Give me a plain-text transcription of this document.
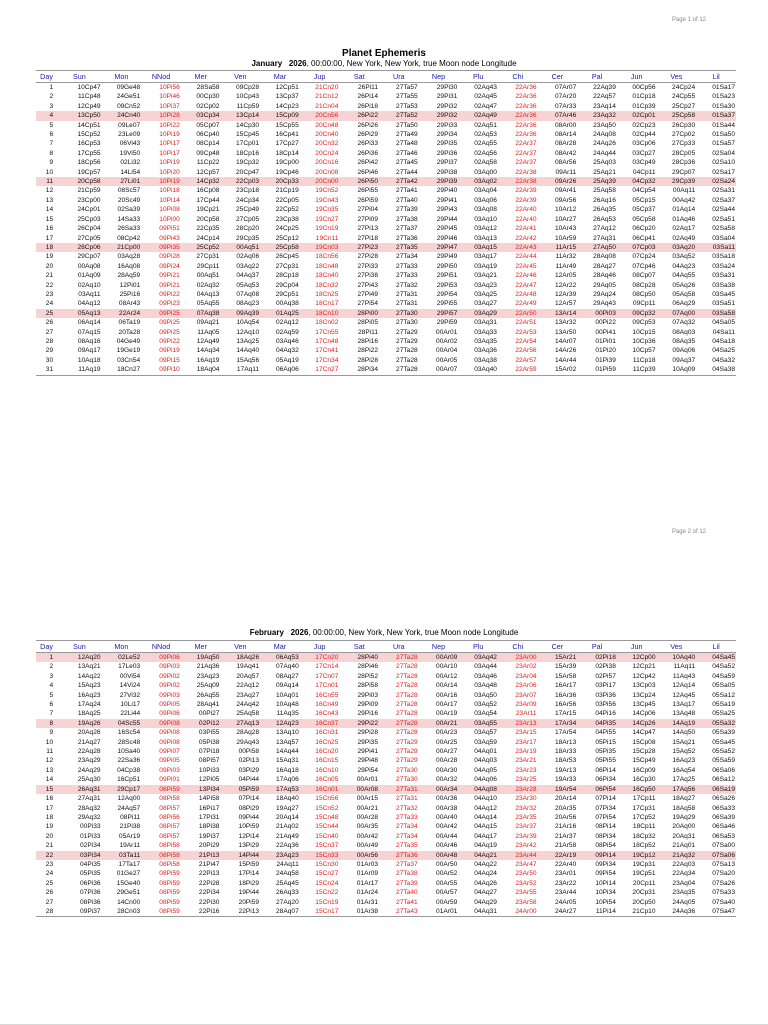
Page 1 of 12
Planet Ephemeris
January 2026, 00:00:00, New York, New York, true Moon node Longitude
Day	Sun	Mon	NNod	Mer	Ven	Mar	Jup	Sat	Ura	Nep	Plu	Chi	Cer	Pal	Jun	Ves	Lil
1	10Cp47	09Ge48	10Pi56	28Sa58	09Cp28	12Cp51	21Cn20	26Pi11	27Ta57	29Pi30	02Aq43	22Ar36	07Ar07	22Aq39	00Cp56	24Cp24	01Sa17
2	11Cp48	24Ge51	10Pi46	00Cp30	10Cp43	13Cp37	21Cn12	26Pi14	27Ta55	29Pi31	02Aq45	22Ar36	07Ar20	22Aq57	01Cp18	24Cp55	01Sa23
3	12Cp49	09Cn52	10Pi37	02Cp02	11Cp59	14Cp23	21Cn04	26Pi18	27Ta53	29Pi32	02Aq47	22Ar36	07Ar33	23Aq14	01Cp39	25Cp27	01Sa30
4	13Cp50	24Cn40	10Pi28	03Cp34	13Cp14	15Cp09	20Cn56	26Pi22	27Ta52	29Pi32	02Aq49	22Ar36	07Ar46	23Aq32	02Cp01	25Cp58	01Sa37
5	14Cp51	09Le07	10Pi22	05Cp07	14Cp30	15Cp55	20Cn48	26Pi26	27Ta50	29Pi33	02Aq51	22Ar36	08Ar00	23Aq50	02Cp23	26Cp30	01Sa44
6	15Cp52	23Le09	10Pi19	06Cp40	15Cp45	16Cp41	20Cn40	26Pi29	27Ta49	29Pi34	02Aq53	22Ar36	08Ar14	24Aq08	02Cp44	27Cp02	01Sa50
7	16Cp53	06Vi43	10Pi17	08Cp14	17Cp01	17Cp27	20Cn32	26Pi33	27Ta48	29Pi35	02Aq55	22Ar37	08Ar28	24Aq26	03Cp06	27Cp33	01Sa57
8	17Cp55	19Vi50	10Pi17	09Cp48	18Cp16	18Cp14	20Cn24	26Pi36	27Ta46	29Pi36	02Aq56	22Ar37	08Ar42	24Aq44	03Cp27	28Cp05	02Sa04
9	18Cp56	02Li32	10Pi19	11Cp22	19Cp32	19Cp00	20Cn16	26Pi42	27Ta45	29Pi37	02Aq58	22Ar37	08Ar56	25Aq03	03Cp49	28Cp36	02Sa10
10	19Cp57	14Li54	10Pi20	12Cp57	20Cp47	19Cp46	20Cn08	26Pi46	27Ta44	29Pi38	03Aq00	22Ar38	09Ar11	25Aq21	04Cp11	29Cp07	02Sa17
11	20Cp58	27Li01	10Pi19	14Cp32	22Cp03	20Cp33	20Cn00	26Pi50	27Ta42	29Pi39	03Aq02	22Ar38	09Ar26	25Aq39	04Cp32	29Cp39	02Sa24
12	21Cp59	08Sc57	10Pi18	16Cp08	23Cp18	21Cp19	19Cn52	26Pi55	27Ta41	29Pi40	03Aq04	22Ar39	09Ar41	25Aq58	04Cp54	00Aq11	02Sa31
13	23Cp00	20Sc49	10Pi14	17Cp44	24Cp34	22Cp05	19Cn43	26Pi59	27Ta40	29Pi41	03Aq06	22Ar39	09Ar56	26Aq16	05Cp15	00Aq42	02Sa37
14	24Cp01	02Sa39	10Pi08	19Cp21	25Cp49	22Cp52	19Cn35	27Pi04	27Ta39	29Pi43	03Aq08	22Ar40	10Ar12	26Aq35	05Cp37	01Aq14	02Sa44
15	25Cp03	14Sa33	10Pi00	20Cp58	27Cp05	23Cp38	19Cn27	27Pi09	27Ta38	29Pi44	03Aq10	22Ar40	10Ar27	26Aq53	05Cp58	01Aq46	02Sa51
16	26Cp04	26Sa33	09Pi51	22Cp35	28Cp20	24Cp25	19Cn19	27Pi13	27Ta37	29Pi45	03Aq12	22Ar41	10Ar43	27Aq12	06Cp20	02Aq17	02Sa58
17	27Cp05	08Cp42	09Pi43	24Cp14	29Cp35	25Cp12	19Cn11	27Pi18	27Ta36	29Pi46	03Aq13	22Ar42	10Ar59	27Aq31	06Cp41	02Aq49	03Sa04
18	28Cp06	21Cp00	09Pi35	25Cp52	00Aq51	25Cp58	19Cn03	27Pi23	27Ta35	29Pi47	03Aq15	22Ar43	11Ar15	27Aq50	07Cp03	03Aq20	03Sa11
19	29Cp07	03Aq28	09Pi28	27Cp31	02Aq06	26Cp45	18Cn56	27Pi28	27Ta34	29Pi49	03Aq17	22Ar44	11Ar32	28Aq08	07Cp24	03Aq52	03Sa18
20	00Aq08	16Aq08	09Pi24	29Cp11	03Aq22	27Cp31	18Cn48	27Pi33	27Ta33	29Pi50	03Aq19	22Ar45	11Ar49	28Aq27	07Cp46	04Aq23	03Sa24
21	01Aq09	28Aq59	09Pi21	00Aq51	04Aq37	28Cp18	18Cn40	27Pi38	27Ta33	29Pi51	03Aq21	22Ar46	12Ar05	28Aq46	08Cp07	04Aq55	03Sa31
22	02Aq10	12Pi01	09Pi21	02Aq32	05Aq53	29Cp04	18Cn32	27Pi43	27Ta32	29Pi53	03Aq23	22Ar47	12Ar22	29Aq05	08Cp28	05Aq26	03Sa38
23	03Aq11	25Pi16	09Pi22	04Aq13	07Aq08	29Cp51	18Cn25	27Pi49	27Ta31	29Pi54	03Aq25	22Ar48	12Ar39	29Aq24	08Cp50	05Aq58	03Sa45
24	04Aq12	08Ar43	09Pi23	05Aq55	08Aq23	00Aq38	18Cn17	27Pi54	27Ta31	29Pi55	03Aq27	22Ar49	12Ar57	29Aq43	09Cp11	06Aq29	03Sa51
25	05Aq13	22Ar24	09Pi25	07Aq38	09Aq39	01Aq25	18Cn10	28Pi00	27Ta30	29Pi57	03Aq29	22Ar50	13Ar14	00Pi03	09Cp32	07Aq00	03Sa58
26	06Aq14	06Ta19	09Pi25	09Aq21	10Aq54	02Aq12	18Cn02	28Pi05	27Ta30	29Pi59	03Aq31	22Ar51	13Ar32	00Pi22	09Cp53	07Aq32	04Sa05
27	07Aq15	20Ta28	09Pi25	11Aq05	12Aq10	02Aq59	17Cn55	28Pi11	27Ta29	00Ar01	03Aq33	22Ar53	13Ar50	00Pi41	10Cp15	08Aq03	04Sa11
28	08Aq16	04Ge49	09Pi22	12Aq49	13Aq25	03Aq46	17Cn48	28Pi16	27Ta29	00Ar02	03Aq35	22Ar54	14Ar07	01Pi01	10Cp36	08Aq35	04Sa18
29	09Aq17	19Ge19	09Pi19	14Aq34	14Aq40	04Aq32	17Cn41	28Pi22	27Ta28	00Ar04	03Aq36	22Ar56	14Ar26	01Pi20	10Cp57	09Aq06	04Sa25
30	10Aq18	03Cn54	09Pi15	16Aq19	15Aq56	05Aq19	17Cn34	28Pi28	27Ta28	00Ar05	03Aq38	22Ar57	14Ar44	01Pi39	11Cp18	09Aq37	04Sa32
31	11Aq19	18Cn27	09Pi10	18Aq04	17Aq11	06Aq06	17Cn27	28Pi34	27Ta28	00Ar07	03Aq40	22Ar59	15Ar02	01Pi59	11Cp39	10Aq09	04Sa38
Page 2 of 12
February 2026, 00:00:00, New York, New York, true Moon node Longitude
Day	Sun	Mon	NNod	Mer	Ven	Mar	Jup	Sat	Ura	Nep	Plu	Chi	Cer	Pal	Jun	Ves	Lil
1	12Aq20	02Le52	09Pi06	19Aq50	18Aq26	06Aq53	17Cn20	28Pi40	27Ta28	00Ar09	03Aq42	23Ar00	15Ar21	02Pi18	12Cp00	10Aq40	04Sa45
2	13Aq21	17Le03	09Pi03	21Aq36	19Aq41	07Aq40	17Cn14	28Pi46	27Ta28	00Ar10	03Aq44	23Ar02	15Ar39	02Pi38	12Cp21	11Aq11	04Sa52
3	14Aq22	00Vi54	09Pi02	23Aq23	20Aq57	08Aq27	17Cn07	28Pi52	27Ta28	00Ar12	03Aq46	23Ar04	15Ar58	02Pi57	12Cp42	11Aq43	04Sa59
4	15Aq23	14Vi24	09Pi02	25Aq09	22Aq12	09Aq14	17Cn01	28Pi58	27Ta28	00Ar14	03Aq48	23Ar06	16Ar17	03Pi17	13Cp03	12Aq14	05Sa05
5	16Aq23	27Vi32	09Pi03	26Aq55	23Aq27	10Aq01	16Cn55	29Pi03	27Ta28	00Ar16	03Aq50	23Ar07	16Ar36	03Pi36	13Cp24	12Aq45	05Sa12
6	17Aq24	10Li17	09Pi05	28Aq41	24Aq42	10Aq48	16Cn49	29Pi09	27Ta28	00Ar17	03Aq52	23Ar09	16Ar56	03Pi56	13Cp45	13Aq17	05Sa19
7	18Aq25	22Li44	09Pi06	00Pi27	25Aq58	11Aq35	16Cn43	29Pi16	27Ta28	00Ar19	03Aq54	23Ar11	17Ar15	04Pi16	14Cp06	13Aq48	05Sa25
8	19Aq26	04Sc55	09Pi08	02Pi12	27Aq13	12Aq23	16Cn37	29Pi22	27Ta28	00Ar21	03Aq55	23Ar13	17Ar34	04Pi35	14Cp26	14Aq19	05Sa32
9	20Aq26	16Sc54	09Pi08	03Pi55	28Aq28	13Aq10	16Cn31	29Pi28	27Ta28	00Ar23	03Aq57	23Ar15	17Ar54	04Pi55	14Cp47	14Aq50	05Sa39
10	21Aq27	28Sc48	09Pi08	05Pi38	29Aq43	13Aq57	16Cn25	29Pi35	27Ta29	00Ar25	03Aq59	23Ar17	18Ar13	05Pi15	15Cp08	15Aq21	05Sa45
11	22Aq28	10Sa40	09Pi07	07Pi18	00Pi58	14Aq44	16Cn20	29Pi41	27Ta29	00Ar27	04Aq01	23Ar19	18Ar33	05Pi35	15Cp28	15Aq52	05Sa52
12	23Aq29	22Sa36	09Pi05	08Pi57	02Pi13	15Aq31	16Cn15	29Pi48	27Ta29	00Ar28	04Aq03	23Ar21	18Ar53	05Pi55	15Cp49	16Aq23	05Sa59
13	24Aq29	04Cp38	09Pi03	10Pi33	03Pi29	16Aq18	16Cn10	29Pi54	27Ta30	00Ar30	04Aq05	23Ar23	19Ar13	06Pi14	16Cp09	16Aq54	06Sa06
14	25Aq30	16Cp51	09Pi01	12Pi05	04Pi44	17Aq06	16Cn05	00Ar01	27Ta30	00Ar32	04Aq06	23Ar25	19Ar33	06Pi34	16Cp30	17Aq25	06Sa12
15	26Aq31	29Cp17	08Pi59	13Pi34	05Pi59	17Aq53	16Cn01	00Ar08	27Ta31	00Ar34	04Aq08	23Ar28	19Ar54	06Pi54	16Cp50	17Aq56	06Sa19
16	27Aq31	12Aq00	08Pi58	14Pi58	07Pi14	18Aq40	15Cn56	00Ar15	27Ta31	00Ar36	04Aq10	23Ar30	20Ar14	07Pi14	17Cp11	18Aq27	06Sa26
17	28Aq32	24Aq57	08Pi57	16Pi17	08Pi29	19Aq27	15Cn52	00Ar21	27Ta32	00Ar38	04Aq12	23Ar32	20Ar35	07Pi34	17Cp31	18Aq58	06Sa33
18	29Aq32	08Pi11	08Pi56	17Pi31	09Pi44	20Aq14	15Cn48	00Ar28	27Ta33	00Ar40	04Aq14	23Ar35	20Ar56	07Pi54	17Cp52	19Aq29	06Sa39
19	00Pi33	21Pi38	08Pi57	18Pi38	10Pi59	21Aq02	15Cn44	00Ar35	27Ta34	00Ar42	04Aq15	23Ar37	21Ar16	08Pi14	18Cp11	20Aq00	06Sa46
20	01Pi33	05Ar19	08Pi57	19Pi37	12Pi14	21Aq49	15Cn40	00Ar42	27Ta34	00Ar44	04Aq17	23Ar39	21Ar37	08Pi34	18Cp32	20Aq31	06Sa53
21	02Pi34	19Ar11	08Pi58	20Pi29	13Pi29	22Aq36	15Cn37	00Ar49	27Ta35	00Ar46	04Aq19	23Ar42	21Ar58	08Pi54	18Cp52	21Aq01	07Sa00
22	03Pi34	03Ta11	08Pi58	21Pi13	14Pi44	23Aq23	15Cn33	00Ar56	27Ta36	00Ar48	04Aq21	23Ar44	22Ar19	09Pi14	19Cp12	21Aq32	07Sa06
23	04Pi35	17Ta17	08Pi58	21Pi47	15Pi59	24Aq11	15Cn30	01Ar03	27Ta37	00Ar50	04Aq22	23Ar47	22Ar40	09Pi34	19Cp31	22Aq03	07Sa13
24	05Pi35	01Ge27	08Pi59	22Pi13	17Pi14	24Aq58	15Cn27	01Ar09	27Ta38	00Ar52	04Aq24	23Ar50	23Ar01	09Pi54	19Cp51	22Aq34	07Sa20
25	06Pi36	15Ge40	08Pi59	22Pi28	18Pi29	25Aq45	15Cn24	01Ar17	27Ta39	00Ar55	04Aq26	23Ar52	23Ar22	10Pi14	20Cp11	23Aq04	07Sa26
26	07Pi36	29Ge51	08Pi59	22Pi34	19Pi44	26Aq33	15Cn22	01Ar24	27Ta40	00Ar57	04Aq27	23Ar55	23Ar44	10Pi34	20Cp31	23Aq35	07Sa33
27	08Pi36	14Cn00	08Pi59	22Pi30	20Pi59	27Aq20	15Cn19	01Ar31	27Ta41	00Ar59	04Aq29	23Ar58	24Ar05	10Pi54	20Cp50	24Aq05	07Sa40
28	09Pi37	28Cn03	08Pi59	22Pi16	22Pi13	28Aq07	15Cn17	01Ar38	27Ta43	01Ar01	04Aq31	24Ar00	24Ar27	11Pi14	21Cp10	24Aq36	07Sa47
